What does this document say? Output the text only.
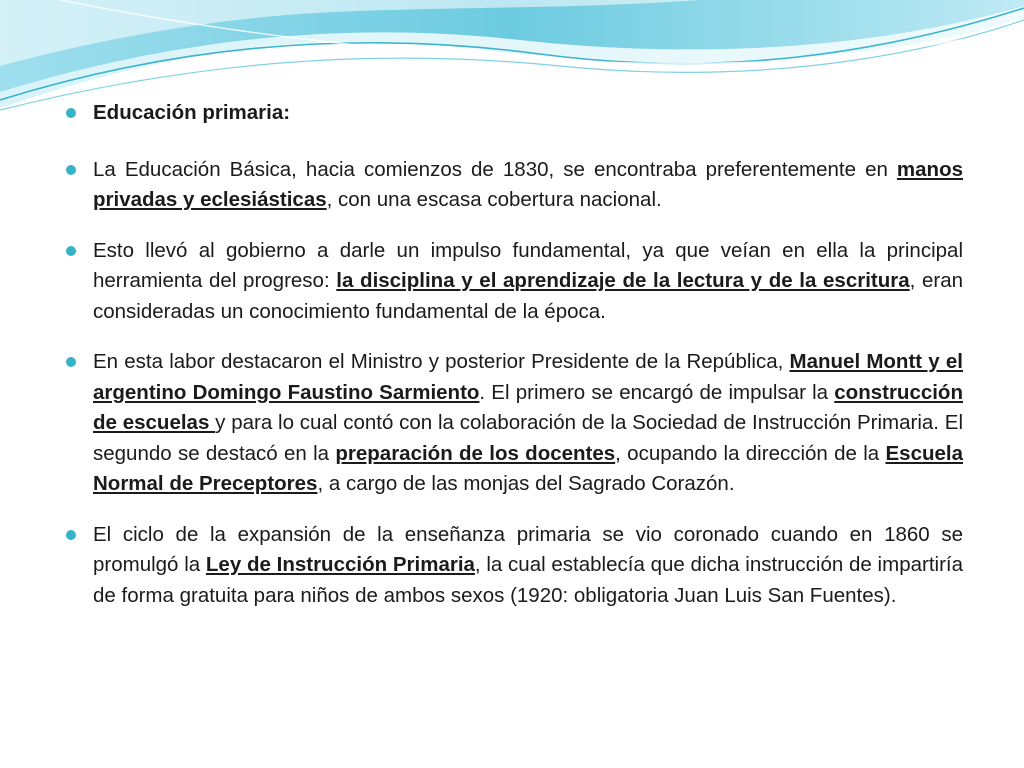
Educación primaria:
La Educación Básica, hacia comienzos de 1830, se encontraba preferentemente en manos privadas y eclesiásticas, con una escasa cobertura nacional.
Esto llevó al gobierno a darle un impulso fundamental, ya que veían en ella la principal herramienta del progreso: la disciplina y el aprendizaje de la lectura y de la escritura, eran consideradas un conocimiento fundamental de la época.
En esta labor destacaron el Ministro y posterior Presidente de la República, Manuel Montt y el argentino Domingo Faustino Sarmiento. El primero se encargó de impulsar la construcción de escuelas y para lo cual contó con la colaboración de la Sociedad de Instrucción Primaria. El segundo se destacó en la preparación de los docentes, ocupando la dirección de la Escuela Normal de Preceptores, a cargo de las monjas del Sagrado Corazón.
El ciclo de la expansión de la enseñanza primaria se vio coronado cuando en 1860 se promulgó la Ley de Instrucción Primaria, la cual establecía que dicha instrucción de impartiría de forma gratuita para niños de ambos sexos (1920: obligatoria Juan Luis San Fuentes).
